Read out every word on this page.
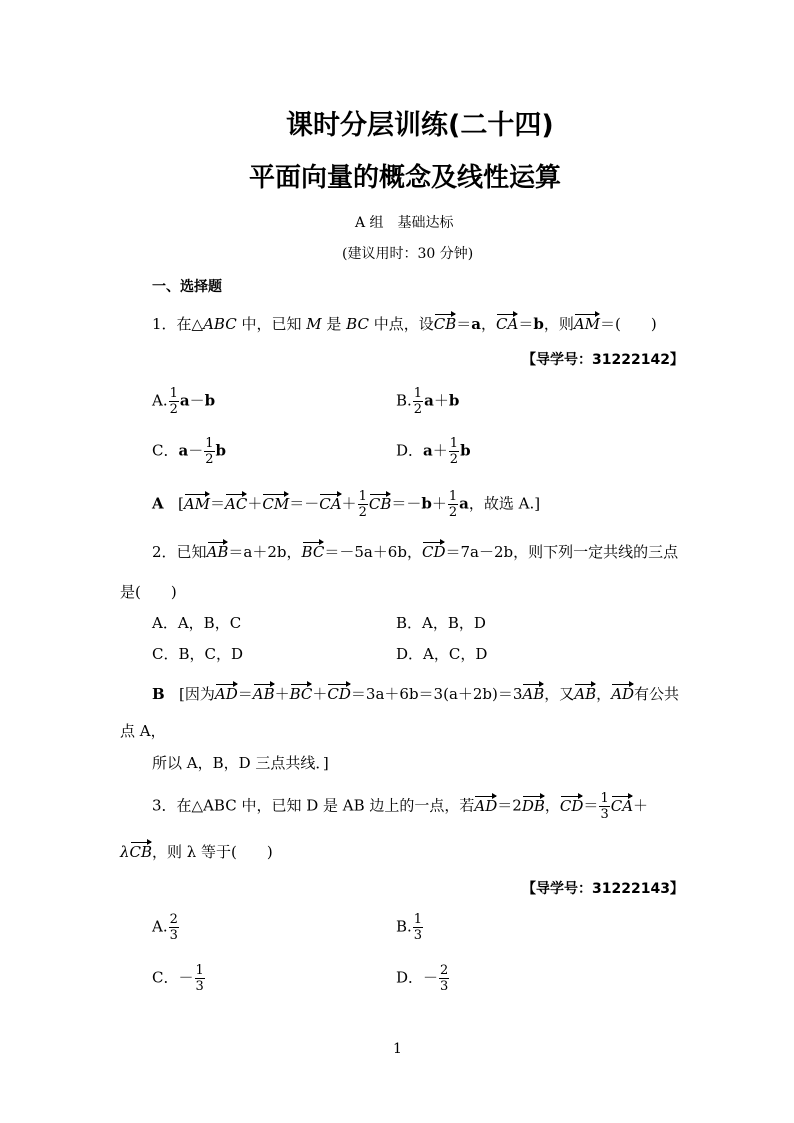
课时分层训练(二十四)
平面向量的概念及线性运算
A 组　基础达标
(建议用时：30 分钟)
一、选择题
1．在△ABC 中，已知 M 是 BC 中点，设CB＝a，CA＝b，则AM＝(　　)
【导学号：31222142】
A. $\frac{1}{2} a-b$	B. $\frac{1}{2} a+b$
C．$a- \frac{1}{2}$ b	D．$a+ \frac{1}{2}$ b
A [$AM=AC+CM=-CA+ \frac{1}{2} CB=-b+ \frac{1}{2}$ a，故选 A.]
2．已知AB＝a＋2b，BC＝－5a＋6b，CD＝7a－2b，则下列一定共线的三点
是(　　)
A．A，B，C	B．A，B，D
C．B，C，D	D．A，C，D
B [因为AD＝AB＋BC＋CD＝3a＋6b＝3(a＋2b)＝3AB，又AB，AD有公共
点 A，
所以 A，B，D 三点共线．]
3．在△ABC 中，已知 D 是 AB 边上的一点，若AD＝2DB，$CD= \frac{1}{3} CA+$
λCB，则 λ 等于(　　)
【导学号：31222143】
A. $\frac{2}{3}$	B. $\frac{1}{3}$
C．－ $\frac{1}{3}$	D．－ $\frac{2}{3}$
1
